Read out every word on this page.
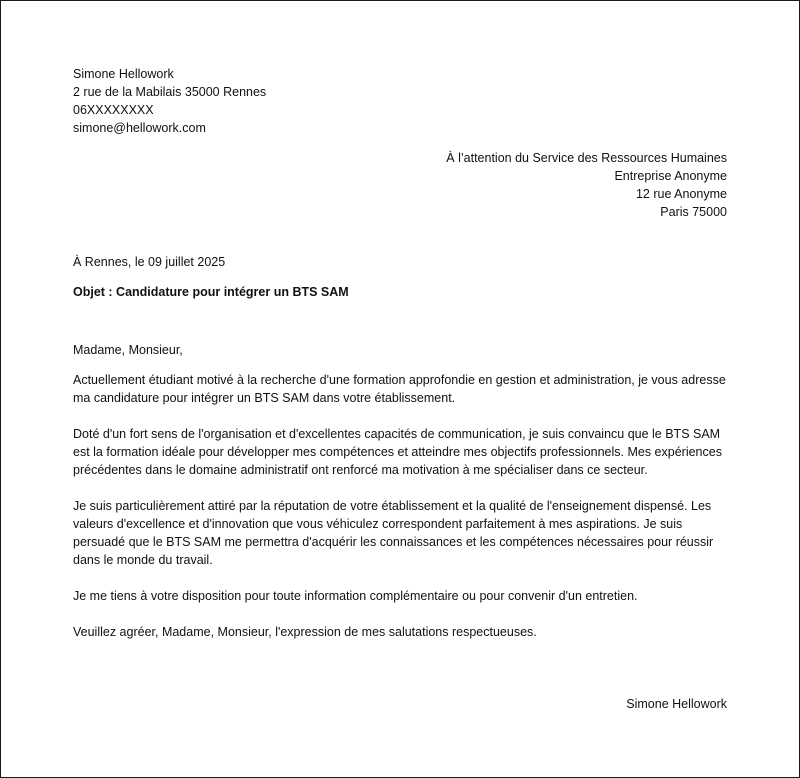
Simone Hellowork
2 rue de la Mabilais 35000 Rennes
06XXXXXXXX
simone@hellowork.com
À l’attention du Service des Ressources Humaines
Entreprise Anonyme
12 rue Anonyme
Paris 75000
À Rennes, le 09 juillet 2025
Objet : Candidature pour intégrer un BTS SAM

Madame, Monsieur,

Actuellement étudiant motivé à la recherche d'une formation approfondie en gestion et administration, je vous adresse ma candidature pour intégrer un BTS SAM dans votre établissement.

Doté d'un fort sens de l'organisation et d'excellentes capacités de communication, je suis convaincu que le BTS SAM est la formation idéale pour développer mes compétences et atteindre mes objectifs professionnels. Mes expériences précédentes dans le domaine administratif ont renforcé ma motivation à me spécialiser dans ce secteur.

Je suis particulièrement attiré par la réputation de votre établissement et la qualité de l'enseignement dispensé. Les valeurs d'excellence et d'innovation que vous véhiculez correspondent parfaitement à mes aspirations. Je suis persuadé que le BTS SAM me permettra d'acquérir les connaissances et les compétences nécessaires pour réussir dans le monde du travail.

Je me tiens à votre disposition pour toute information complémentaire ou pour convenir d'un entretien.

Veuillez agréer, Madame, Monsieur, l'expression de mes salutations respectueuses.

Simone Hellowork
